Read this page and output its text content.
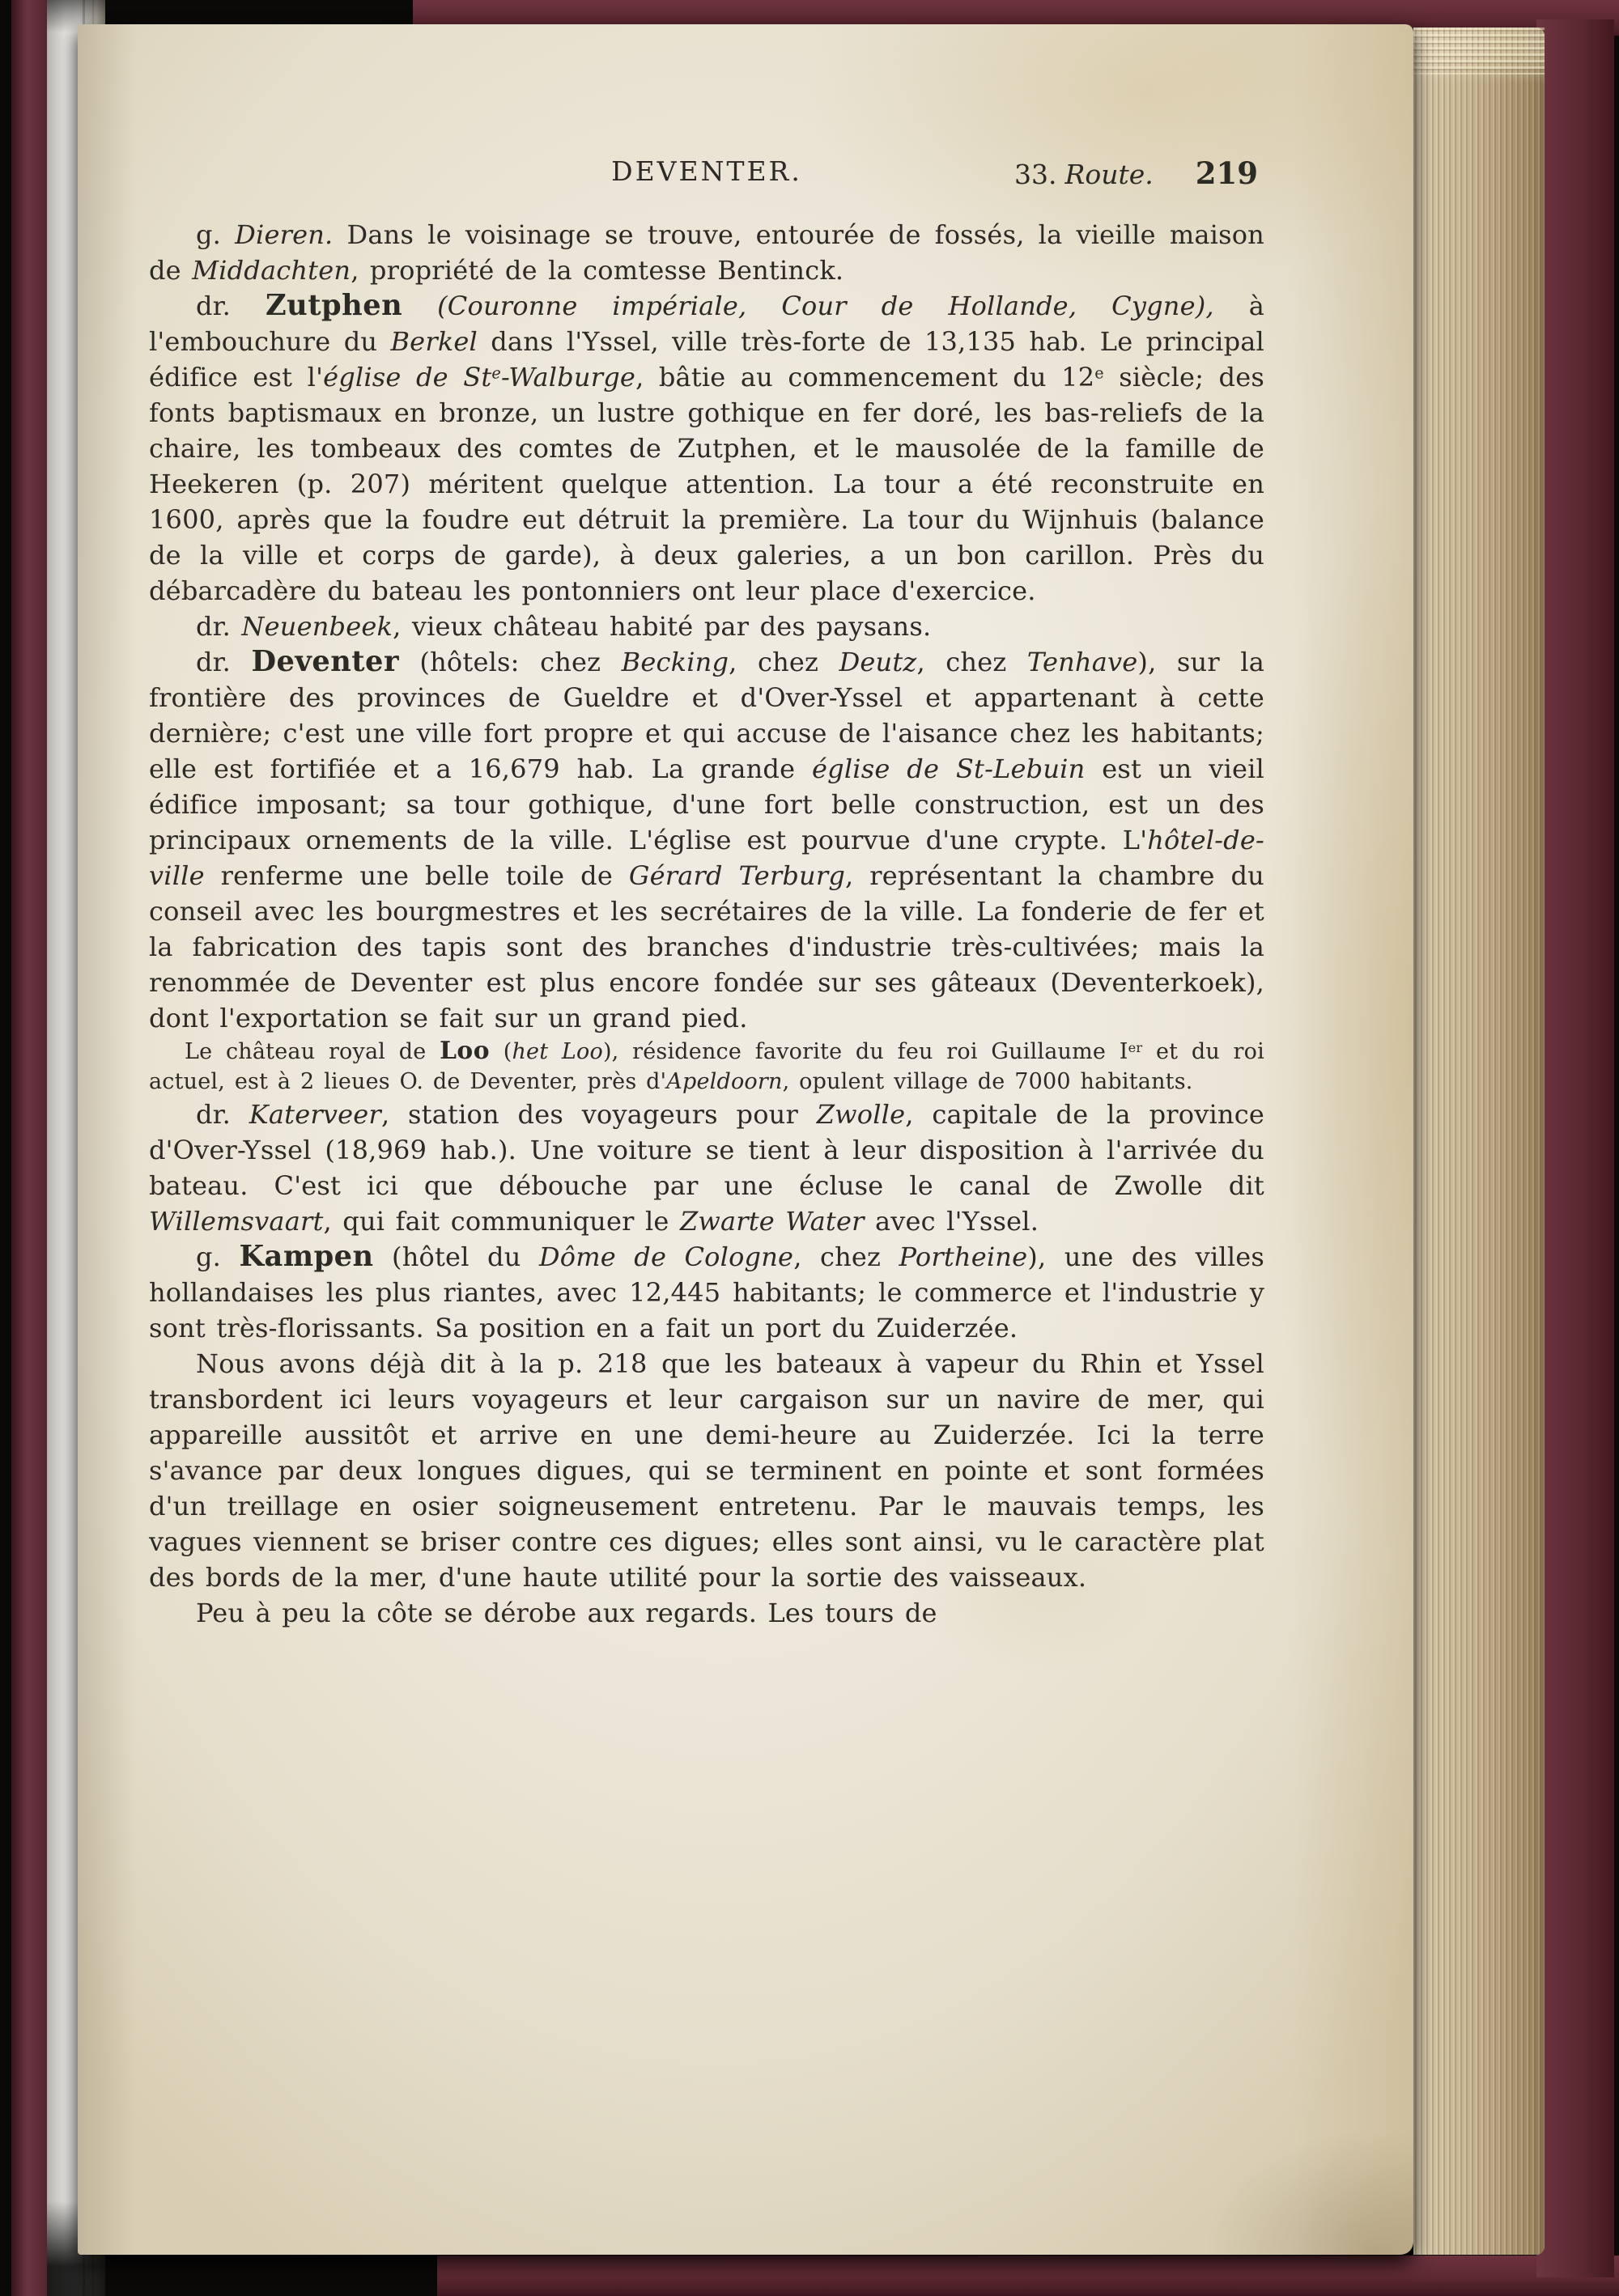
DEVENTER.	33. Route. 219

g. Dieren. Dans le voisinage se trouve, entourée de fossés, la vieille maison de Middachten, propriété de la comtesse Bentinck.

dr. Zutphen (Couronne impériale, Cour de Hollande, Cygne), à l'embouchure du Berkel dans l'Yssel, ville très-forte de 13,135 hab. Le principal édifice est l'église de St$^e$-Walburge, bâtie au commencement du 12e siècle; des fonts baptismaux en bronze, un lustre gothique en fer doré, les bas-reliefs de la chaire, les tombeaux des comtes de Zutphen, et le mausolée de la famille de Heekeren (p. 207) méritent quelque attention. La tour a été reconstruite en 1600, après que la foudre eut détruit la première. La tour du Wijnhuis (balance de la ville et corps de garde), à deux galeries, a un bon carillon. Près du débarcadère du bateau les pontonniers ont leur place d'exercice.

dr. Neuenbeek, vieux château habité par des paysans.

dr. Deventer (hôtels: chez Becking, chez Deutz, chez Tenhave), sur la frontière des provinces de Gueldre et d'Over-Yssel et appartenant à cette dernière; c'est une ville fort propre et qui accuse de l'aisance chez les habitants; elle est fortifiée et a 16,679 hab. La grande église de St-Lebuin est un vieil édifice imposant; sa tour gothique, d'une fort belle construction, est un des principaux ornements de la ville. L'église est pourvue d'une crypte. L'hôtel-de-ville renferme une belle toile de Gérard Terburg, représentant la chambre du conseil avec les bourgmestres et les secrétaires de la ville. La fonderie de fer et la fabrication des tapis sont des branches d'industrie très-cultivées; mais la renommée de Deventer est plus encore fondée sur ses gâteaux (Deventerkoek), dont l'exportation se fait sur un grand pied.

Le château royal de Loo (het Loo), résidence favorite du feu roi Guillaume Ier et du roi actuel, est à 2 lieues O. de Deventer, près d'Apeldoorn, opulent village de 7000 habitants.

dr. Katerveer, station des voyageurs pour Zwolle, capitale de la province d'Over-Yssel (18,969 hab.). Une voiture se tient à leur disposition à l'arrivée du bateau. C'est ici que débouche par une écluse le canal de Zwolle dit Willemsvaart, qui fait communiquer le Zwarte Water avec l'Yssel.

g. Kampen (hôtel du Dôme de Cologne, chez Portheine), une des villes hollandaises les plus riantes, avec 12,445 habitants; le commerce et l'industrie y sont très-florissants. Sa position en a fait un port du Zuiderzée.

Nous avons déjà dit à la p. 218 que les bateaux à vapeur du Rhin et Yssel transbordent ici leurs voyageurs et leur cargaison sur un navire de mer, qui appareille aussitôt et arrive en une demi-heure au Zuiderzée. Ici la terre s'avance par deux longues digues, qui se terminent en pointe et sont formées d'un treillage en osier soigneusement entretenu. Par le mauvais temps, les vagues viennent se briser contre ces digues; elles sont ainsi, vu le caractère plat des bords de la mer, d'une haute utilité pour la sortie des vaisseaux.

Peu à peu la côte se dérobe aux regards. Les tours de
